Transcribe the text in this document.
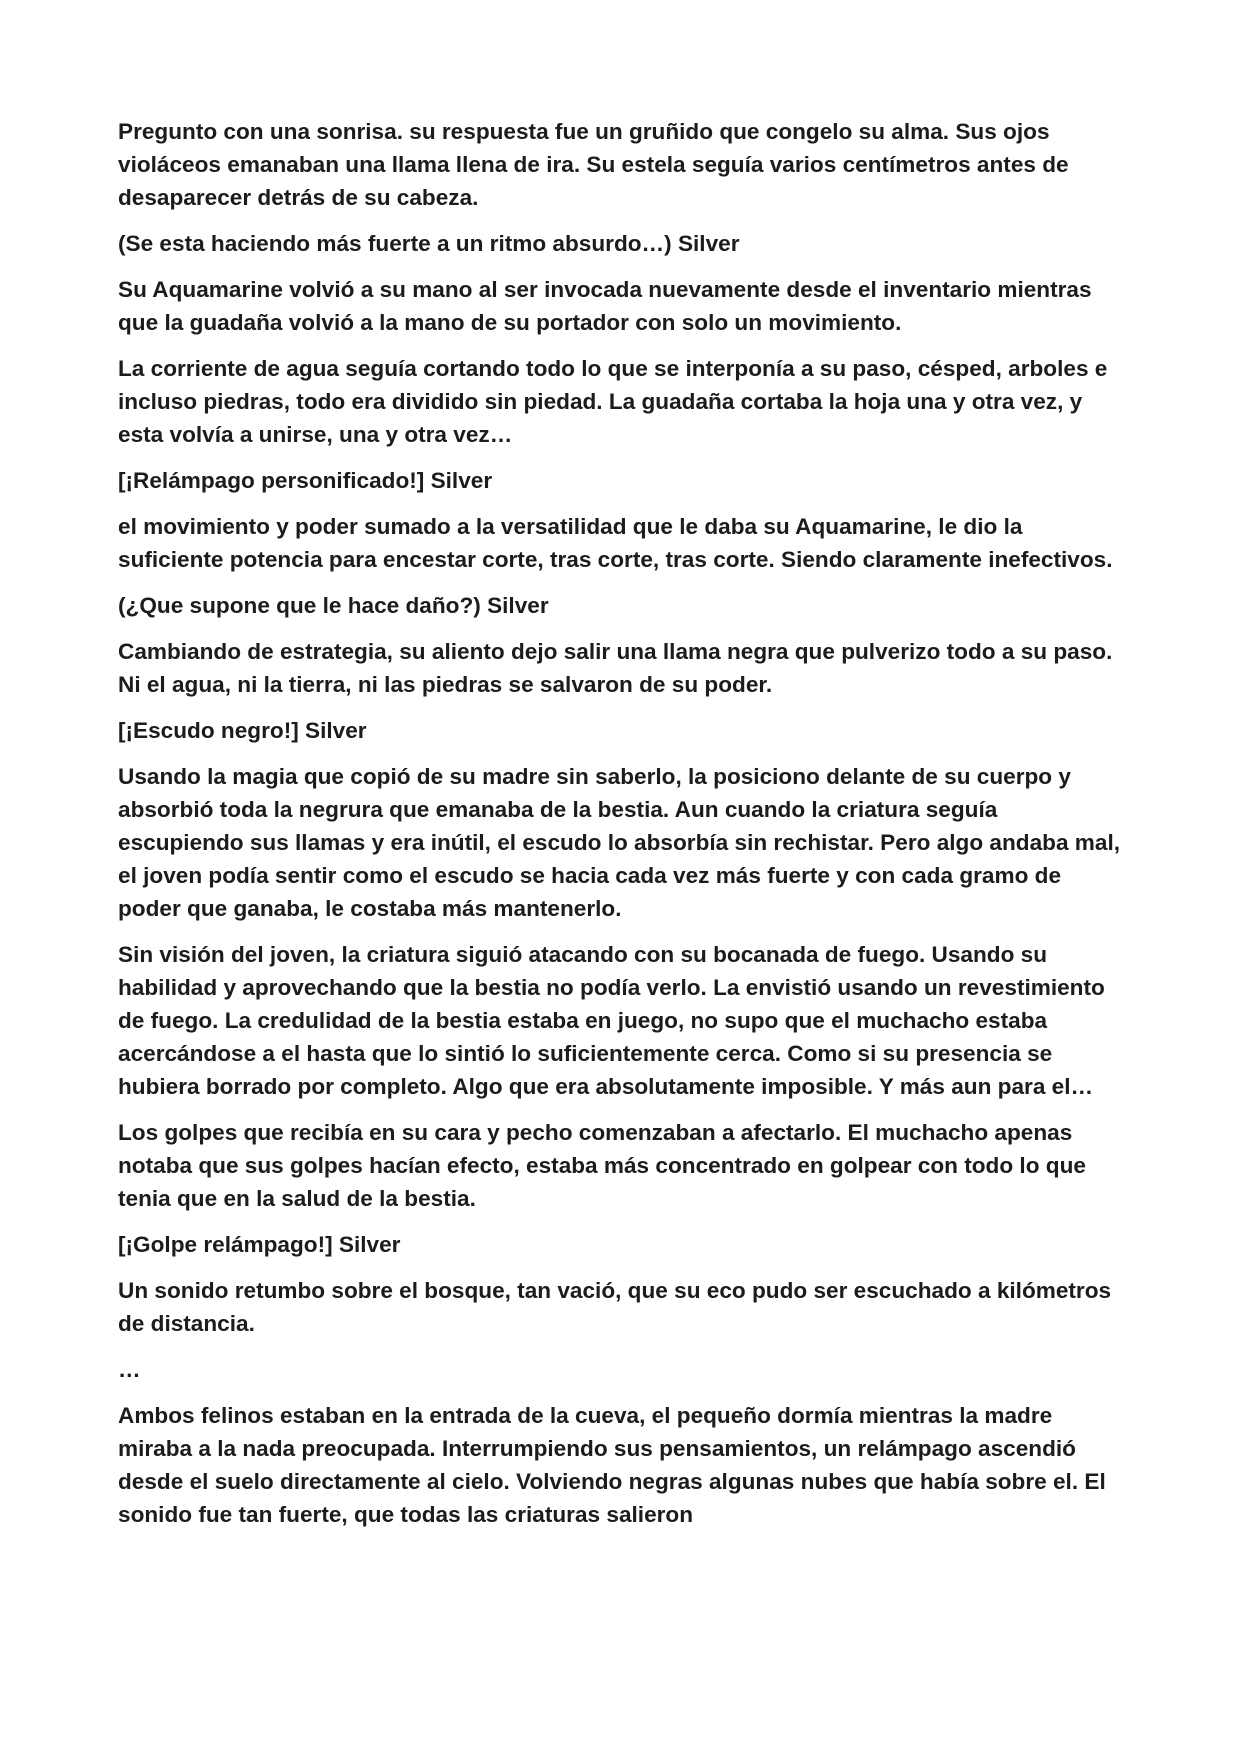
Pregunto con una sonrisa. su respuesta fue un gruñido que congelo su alma. Sus ojos violáceos emanaban una llama llena de ira. Su estela seguía varios centímetros antes de desaparecer detrás de su cabeza.

(Se esta haciendo más fuerte a un ritmo absurdo…) Silver

Su Aquamarine volvió a su mano al ser invocada nuevamente desde el inventario mientras que la guadaña volvió a la mano de su portador con solo un movimiento.

La corriente de agua seguía cortando todo lo que se interponía a su paso, césped, arboles e incluso piedras, todo era dividido sin piedad. La guadaña cortaba la hoja una y otra vez, y esta volvía a unirse, una y otra vez…

[¡Relámpago personificado!] Silver

el movimiento y poder sumado a la versatilidad que le daba su Aquamarine, le dio la suficiente potencia para encestar corte, tras corte, tras corte. Siendo claramente inefectivos.

(¿Que supone que le hace daño?) Silver

Cambiando de estrategia, su aliento dejo salir una llama negra que pulverizo todo a su paso. Ni el agua, ni la tierra, ni las piedras se salvaron de su poder.

[¡Escudo negro!] Silver

Usando la magia que copió de su madre sin saberlo, la posiciono delante de su cuerpo y absorbió toda la negrura que emanaba de la bestia. Aun cuando la criatura seguía escupiendo sus llamas y era inútil, el escudo lo absorbía sin rechistar. Pero algo andaba mal, el joven podía sentir como el escudo se hacia cada vez más fuerte y con cada gramo de poder que ganaba, le costaba más mantenerlo.

Sin visión del joven, la criatura siguió atacando con su bocanada de fuego. Usando su habilidad y aprovechando que la bestia no podía verlo. La envistió usando un revestimiento de fuego. La credulidad de la bestia estaba en juego, no supo que el muchacho estaba acercándose a el hasta que lo sintió lo suficientemente cerca. Como si su presencia se hubiera borrado por completo. Algo que era absolutamente imposible. Y más aun para el…

Los golpes que recibía en su cara y pecho comenzaban a afectarlo. El muchacho apenas notaba que sus golpes hacían efecto, estaba más concentrado en golpear con todo lo que tenia que en la salud de la bestia.

[¡Golpe relámpago!] Silver

Un sonido retumbo sobre el bosque, tan vació, que su eco pudo ser escuchado a kilómetros de distancia.

…

Ambos felinos estaban en la entrada de la cueva, el pequeño dormía mientras la madre miraba a la nada preocupada. Interrumpiendo sus pensamientos, un relámpago ascendió desde el suelo directamente al cielo. Volviendo negras algunas nubes que había sobre el. El sonido fue tan fuerte, que todas las criaturas salieron
